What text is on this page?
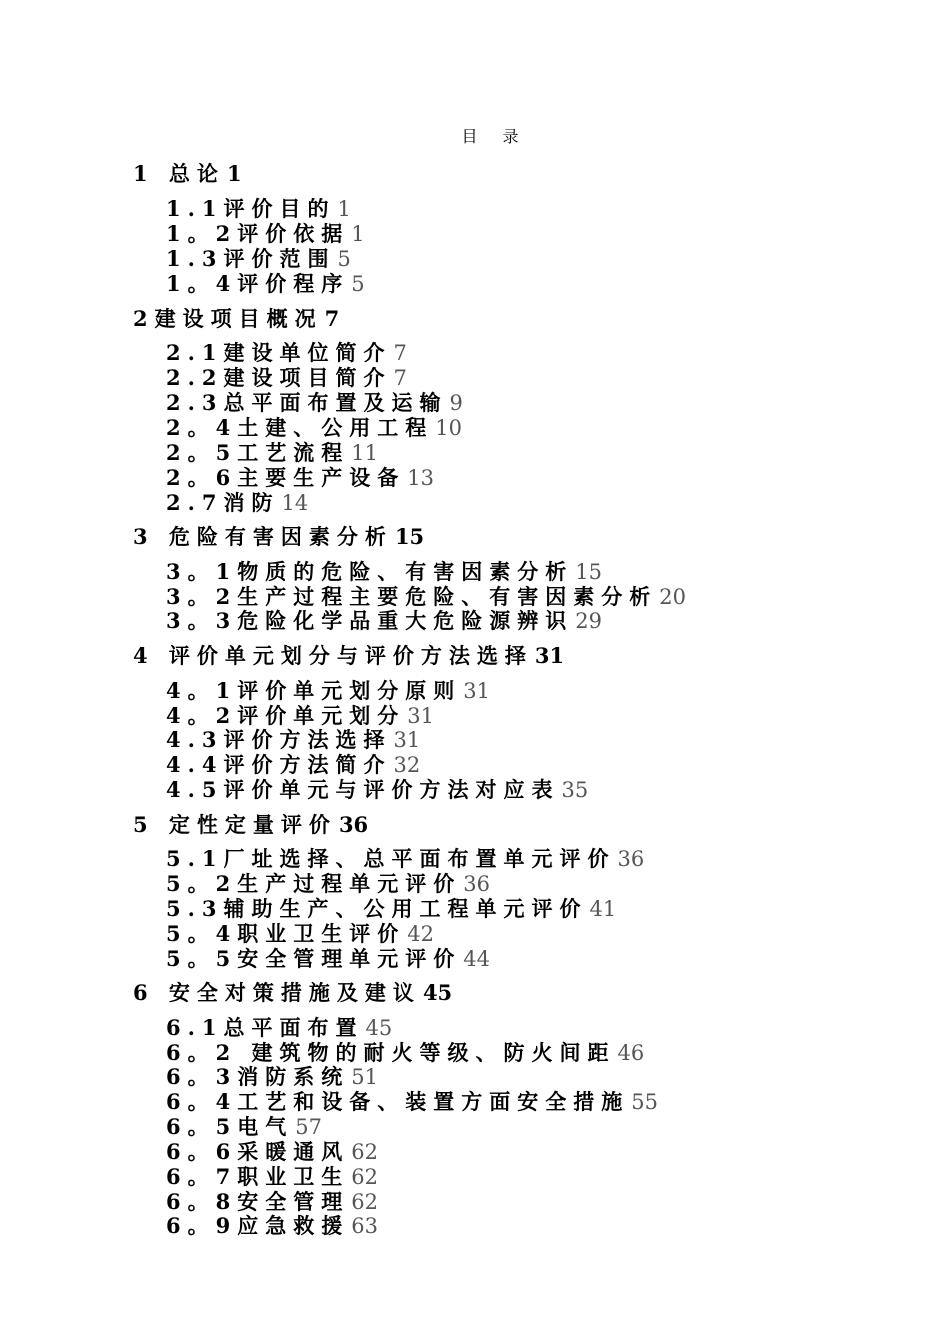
目 录
1 总论1
1.1评价目的1
1。2评价依据1
1.3评价范围5
1。4评价程序5
2建设项目概况7
2.1建设单位简介7
2.2建设项目简介7
2.3总平面布置及运输9
2。4土建、公用工程10
2。5工艺流程11
2。6主要生产设备13
2.7消防14
3 危险有害因素分析15
3。1物质的危险、有害因素分析15
3。2生产过程主要危险、有害因素分析20
3。3危险化学品重大危险源辨识29
4 评价单元划分与评价方法选择31
4。1评价单元划分原则31
4。2评价单元划分31
4.3评价方法选择31
4.4评价方法简介32
4.5评价单元与评价方法对应表35
5 定性定量评价36
5.1厂址选择、总平面布置单元评价36
5。2生产过程单元评价36
5.3辅助生产、公用工程单元评价41
5。4职业卫生评价42
5。5安全管理单元评价44
6 安全对策措施及建议45
6.1总平面布置45
6。2 建筑物的耐火等级、防火间距46
6。3消防系统51
6。4工艺和设备、装置方面安全措施55
6。5电气57
6。6采暖通风62
6。7职业卫生62
6。8安全管理62
6。9应急救援63
